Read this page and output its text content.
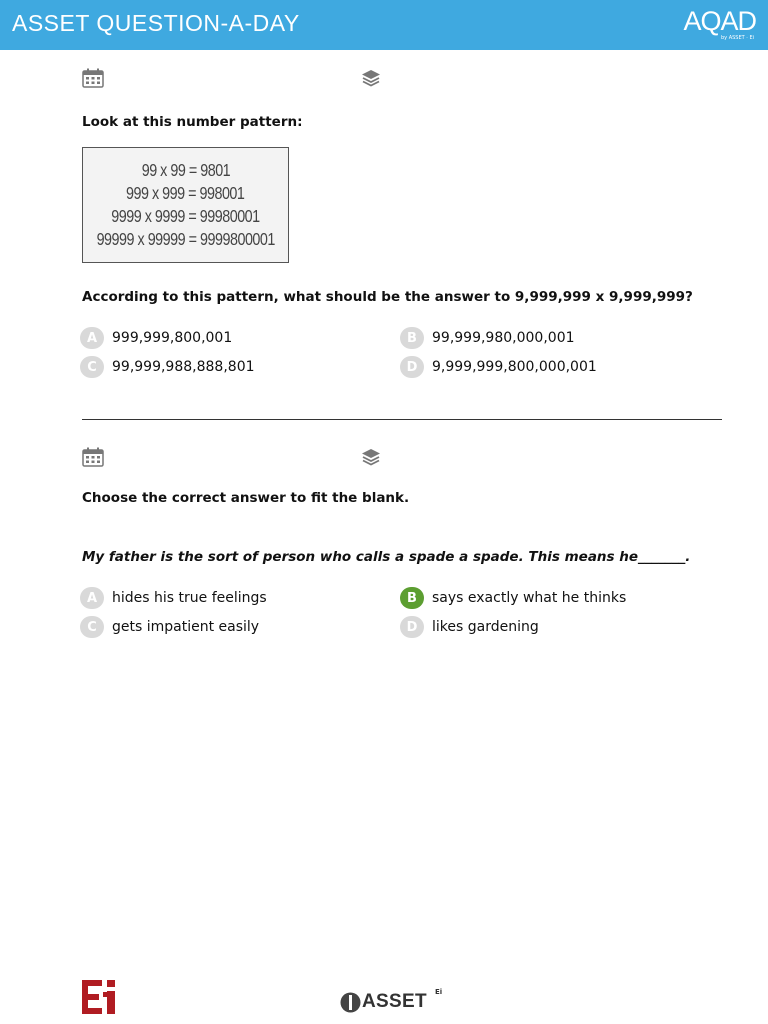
ASSET QUESTION-A-DAY	AQAD
by ASSET · Ei
Look at this number pattern:
99 x 99 = 9801
999 x 999 = 998001
9999 x 9999 = 99980001
99999 x 99999 = 9999800001
According to this pattern, what should be the answer to 9,999,999 x 9,999,999?
A	999,999,800,001	B	99,999,980,000,001
C	99,999,988,888,801	D	9,999,999,800,000,001
Choose the correct answer to fit the blank.
My father is the sort of person who calls a spade a spade. This means he_______.
A	hides his true feelings	B	says exactly what he thinks
C	gets impatient easily	D	likes gardening
ASSET Ei
